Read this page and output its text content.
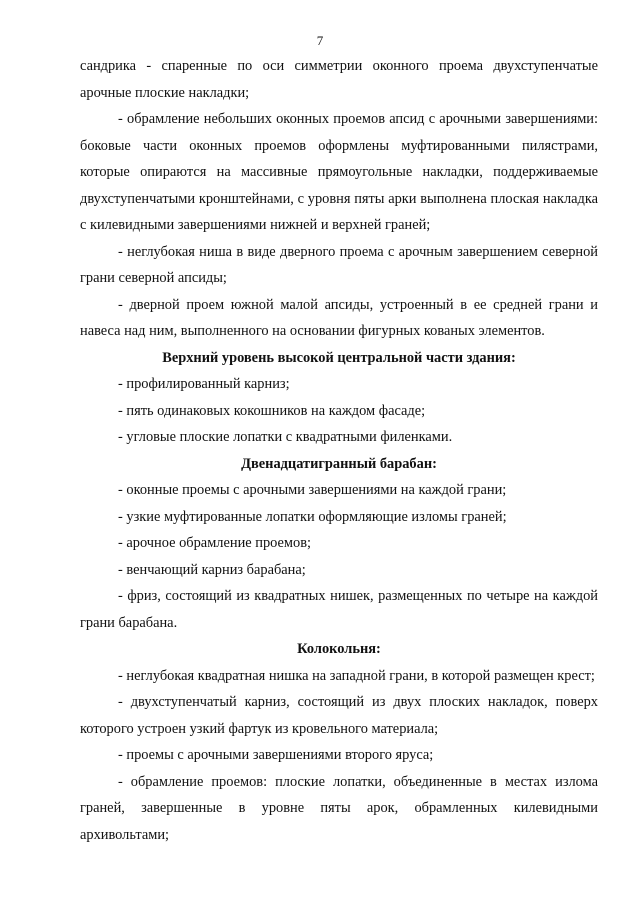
7

сандрика - спаренные по оси симметрии оконного проема двухступенчатые арочные плоские накладки;

- обрамление небольших оконных проемов апсид с арочными завершениями: боковые части оконных проемов оформлены муфтированными пилястрами, которые опираются на массивные прямоугольные накладки, поддерживаемые двухступенчатыми кронштейнами, с уровня пяты арки выполнена плоская накладка с килевидными завершениями нижней и верхней граней;

- неглубокая ниша в виде дверного проема с арочным завершением северной грани северной апсиды;

- дверной проем южной малой апсиды, устроенный в ее средней грани и навеса над ним, выполненного на основании фигурных кованых элементов.

Верхний уровень высокой центральной части здания:

- профилированный карниз;

- пять одинаковых кокошников на каждом фасаде;

- угловые плоские лопатки с квадратными филенками.

Двенадцатигранный барабан:

- оконные проемы с арочными завершениями на каждой грани;

- узкие муфтированные лопатки оформляющие изломы граней;

- арочное обрамление проемов;

- венчающий карниз барабана;

- фриз, состоящий из квадратных нишек, размещенных по четыре на каждой грани барабана.

Колокольня:

- неглубокая квадратная нишка на западной грани, в которой размещен крест;

- двухступенчатый карниз, состоящий из двух плоских накладок, поверх которого устроен узкий фартук из кровельного материала;

- проемы с арочными завершениями второго яруса;

- обрамление проемов: плоские лопатки, объединенные в местах излома граней, завершенные в уровне пяты арок, обрамленных килевидными архивольтами;
